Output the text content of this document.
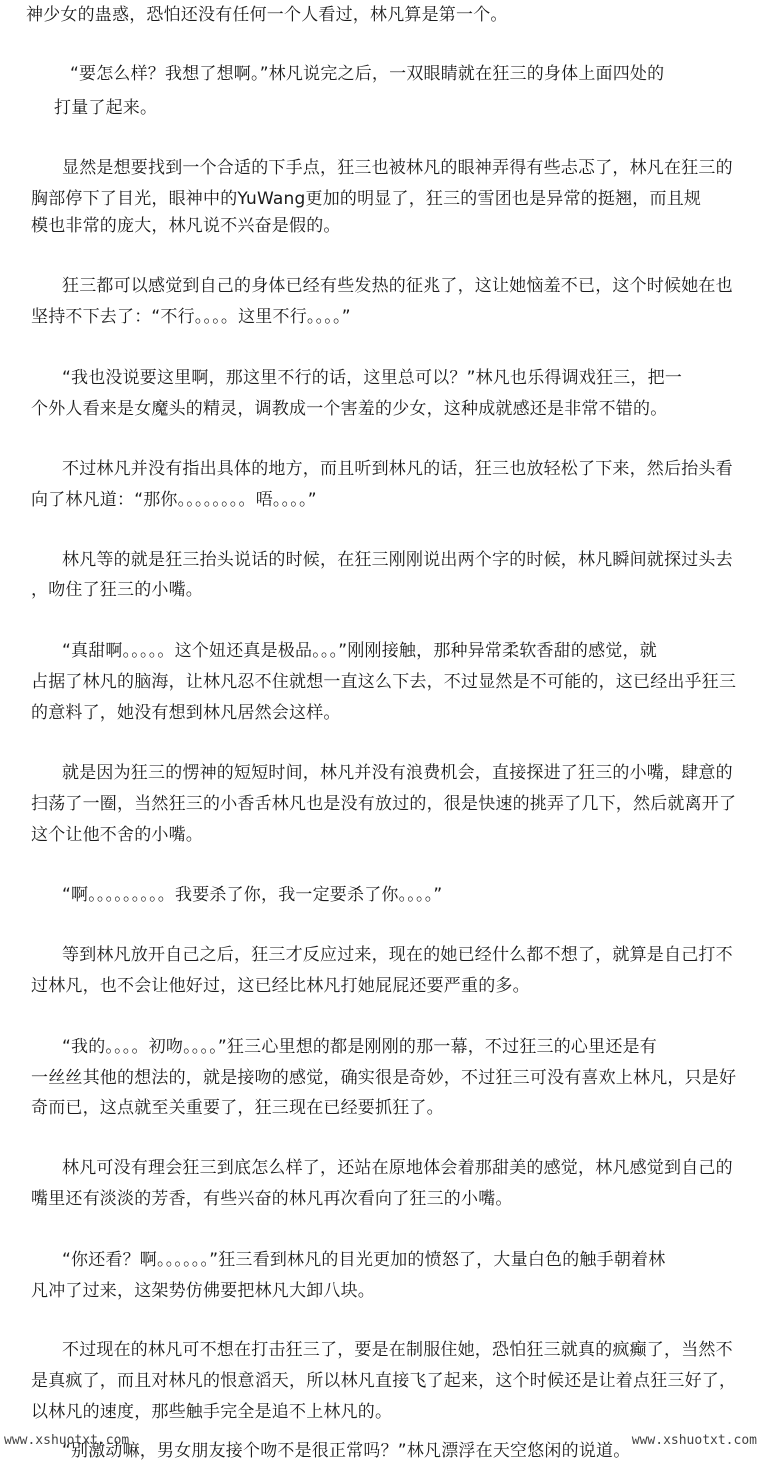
神少女的蛊惑，恐怕还没有任何一个人看过，林凡算是第一个。
“要怎么样？我想了想啊。”林凡说完之后，一双眼睛就在狂三的身体上面四处的
打量了起来。
显然是想要找到一个合适的下手点，狂三也被林凡的眼神弄得有些忐忑了，林凡在狂三的
胸部停下了目光，眼神中的YuWang更加的明显了，狂三的雪团也是异常的挺翘，而且规
模也非常的庞大，林凡说不兴奋是假的。
狂三都可以感觉到自己的身体已经有些发热的征兆了，这让她恼羞不已，这个时候她在也
坚持不下去了：“不行。。。。这里不行。。。。”
“我也没说要这里啊，那这里不行的话，这里总可以？”林凡也乐得调戏狂三，把一
个外人看来是女魔头的精灵，调教成一个害羞的少女，这种成就感还是非常不错的。
不过林凡并没有指出具体的地方，而且听到林凡的话，狂三也放轻松了下来，然后抬头看
向了林凡道：“那你。。。。。。。。唔。。。。”
林凡等的就是狂三抬头说话的时候，在狂三刚刚说出两个字的时候，林凡瞬间就探过头去
，吻住了狂三的小嘴。
“真甜啊。。。。。这个妞还真是极品。。。”刚刚接触，那种异常柔软香甜的感觉，就
占据了林凡的脑海，让林凡忍不住就想一直这么下去，不过显然是不可能的，这已经出乎狂三
的意料了，她没有想到林凡居然会这样。
就是因为狂三的愣神的短短时间，林凡并没有浪费机会，直接探进了狂三的小嘴，肆意的
扫荡了一圈，当然狂三的小香舌林凡也是没有放过的，很是快速的挑弄了几下，然后就离开了
这个让他不舍的小嘴。
“啊。。。。。。。。。我要杀了你，我一定要杀了你。。。。”
等到林凡放开自己之后，狂三才反应过来，现在的她已经什么都不想了，就算是自己打不
过林凡，也不会让他好过，这已经比林凡打她屁屁还要严重的多。
“我的。。。。初吻。。。。”狂三心里想的都是刚刚的那一幕，不过狂三的心里还是有
一丝丝其他的想法的，就是接吻的感觉，确实很是奇妙，不过狂三可没有喜欢上林凡，只是好
奇而已，这点就至关重要了，狂三现在已经要抓狂了。
林凡可没有理会狂三到底怎么样了，还站在原地体会着那甜美的感觉，林凡感觉到自己的
嘴里还有淡淡的芳香，有些兴奋的林凡再次看向了狂三的小嘴。
“你还看？啊。。。。。。”狂三看到林凡的目光更加的愤怒了，大量白色的触手朝着林
凡冲了过来，这架势仿佛要把林凡大卸八块。
不过现在的林凡可不想在打击狂三了，要是在制服住她，恐怕狂三就真的疯癫了，当然不
是真疯了，而且对林凡的恨意滔天，所以林凡直接飞了起来，这个时候还是让着点狂三好了，
以林凡的速度，那些触手完全是追不上林凡的。
“别激动嘛，男女朋友接个吻不是很正常吗？”林凡漂浮在天空悠闲的说道。
www.xshuotxt.com	www.xshuotxt.com
